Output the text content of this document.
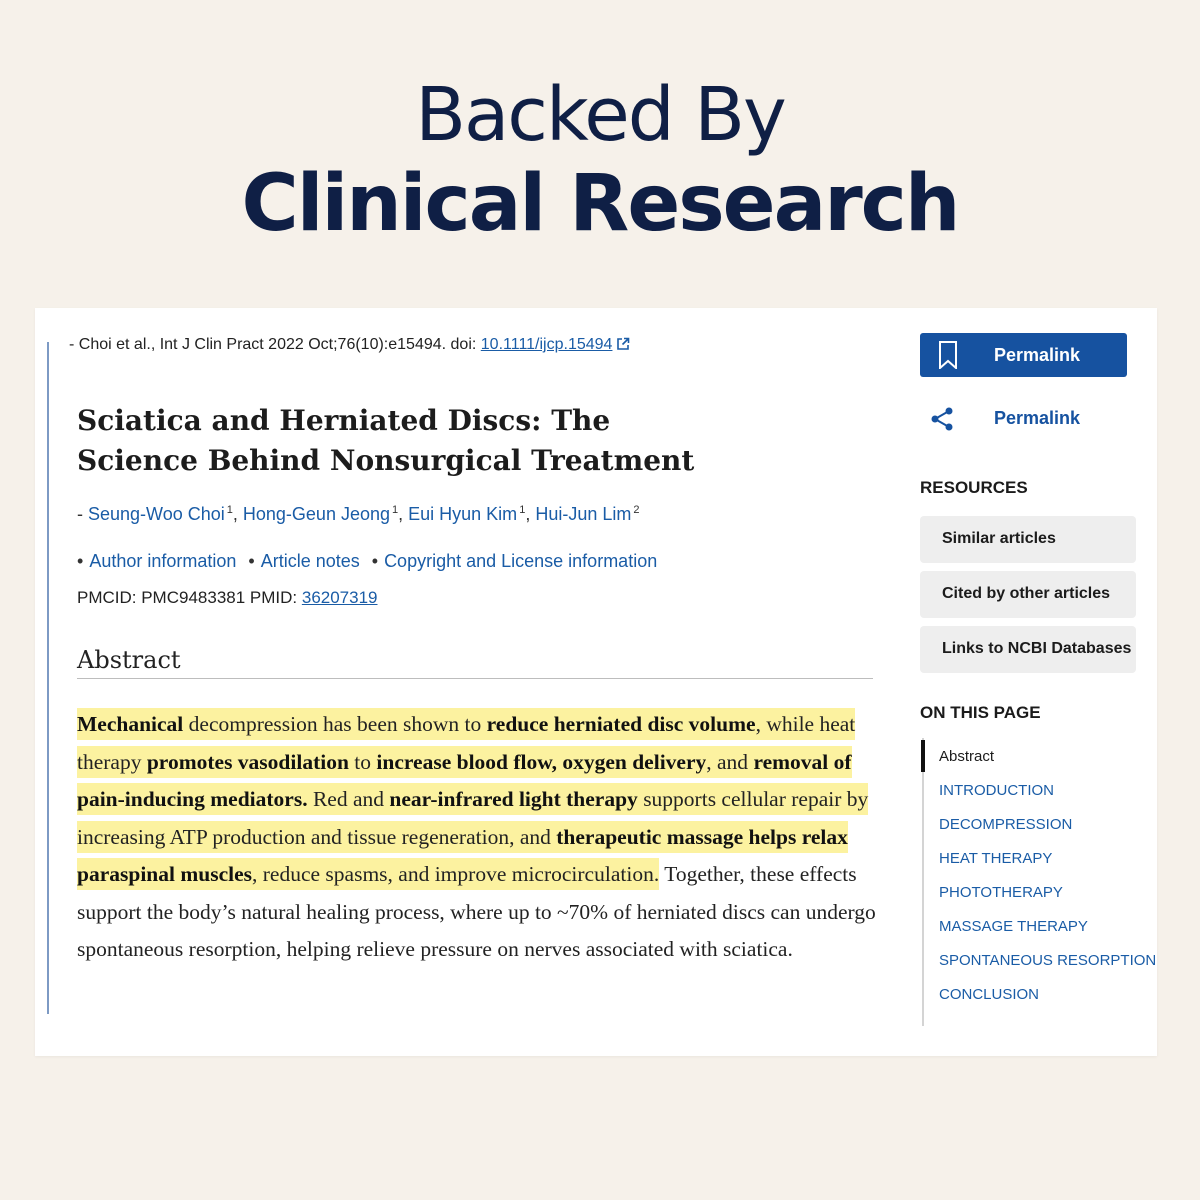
Backed By
Clinical Research
- Choi et al., Int J Clin Pract 2022 Oct;76(10):e15494. doi: 10.1111/ijcp.15494
Sciatica and Herniated Discs: The Science Behind Nonsurgical Treatment
- Seung-Woo Choi $^1$, Hong-Geun Jeong $^1$, Eui Hyun Kim $^1$, Hui-Jun Lim $^2$
• Author information • Article notes • Copyright and License information
PMCID: PMC9483381 PMID: 36207319
Abstract
Mechanical decompression has been shown to reduce herniated disc volume, while heat therapy promotes vasodilation to increase blood flow, oxygen delivery, and removal of pain-inducing mediators. Red and near-infrared light therapy supports cellular repair by increasing ATP production and tissue regeneration, and therapeutic massage helps relax paraspinal muscles, reduce spasms, and improve microcirculation. Together, these effects support the body’s natural healing process, where up to ~70% of herniated discs can undergo spontaneous resorption, helping relieve pressure on nerves associated with sciatica.
Permalink
Permalink
RESOURCES
Similar articles
Cited by other articles
Links to NCBI Databases
ON THIS PAGE
Abstract
INTRODUCTION
DECOMPRESSION
HEAT THERAPY
PHOTOTHERAPY
MASSAGE THERAPY
SPONTANEOUS RESORPTION
CONCLUSION
